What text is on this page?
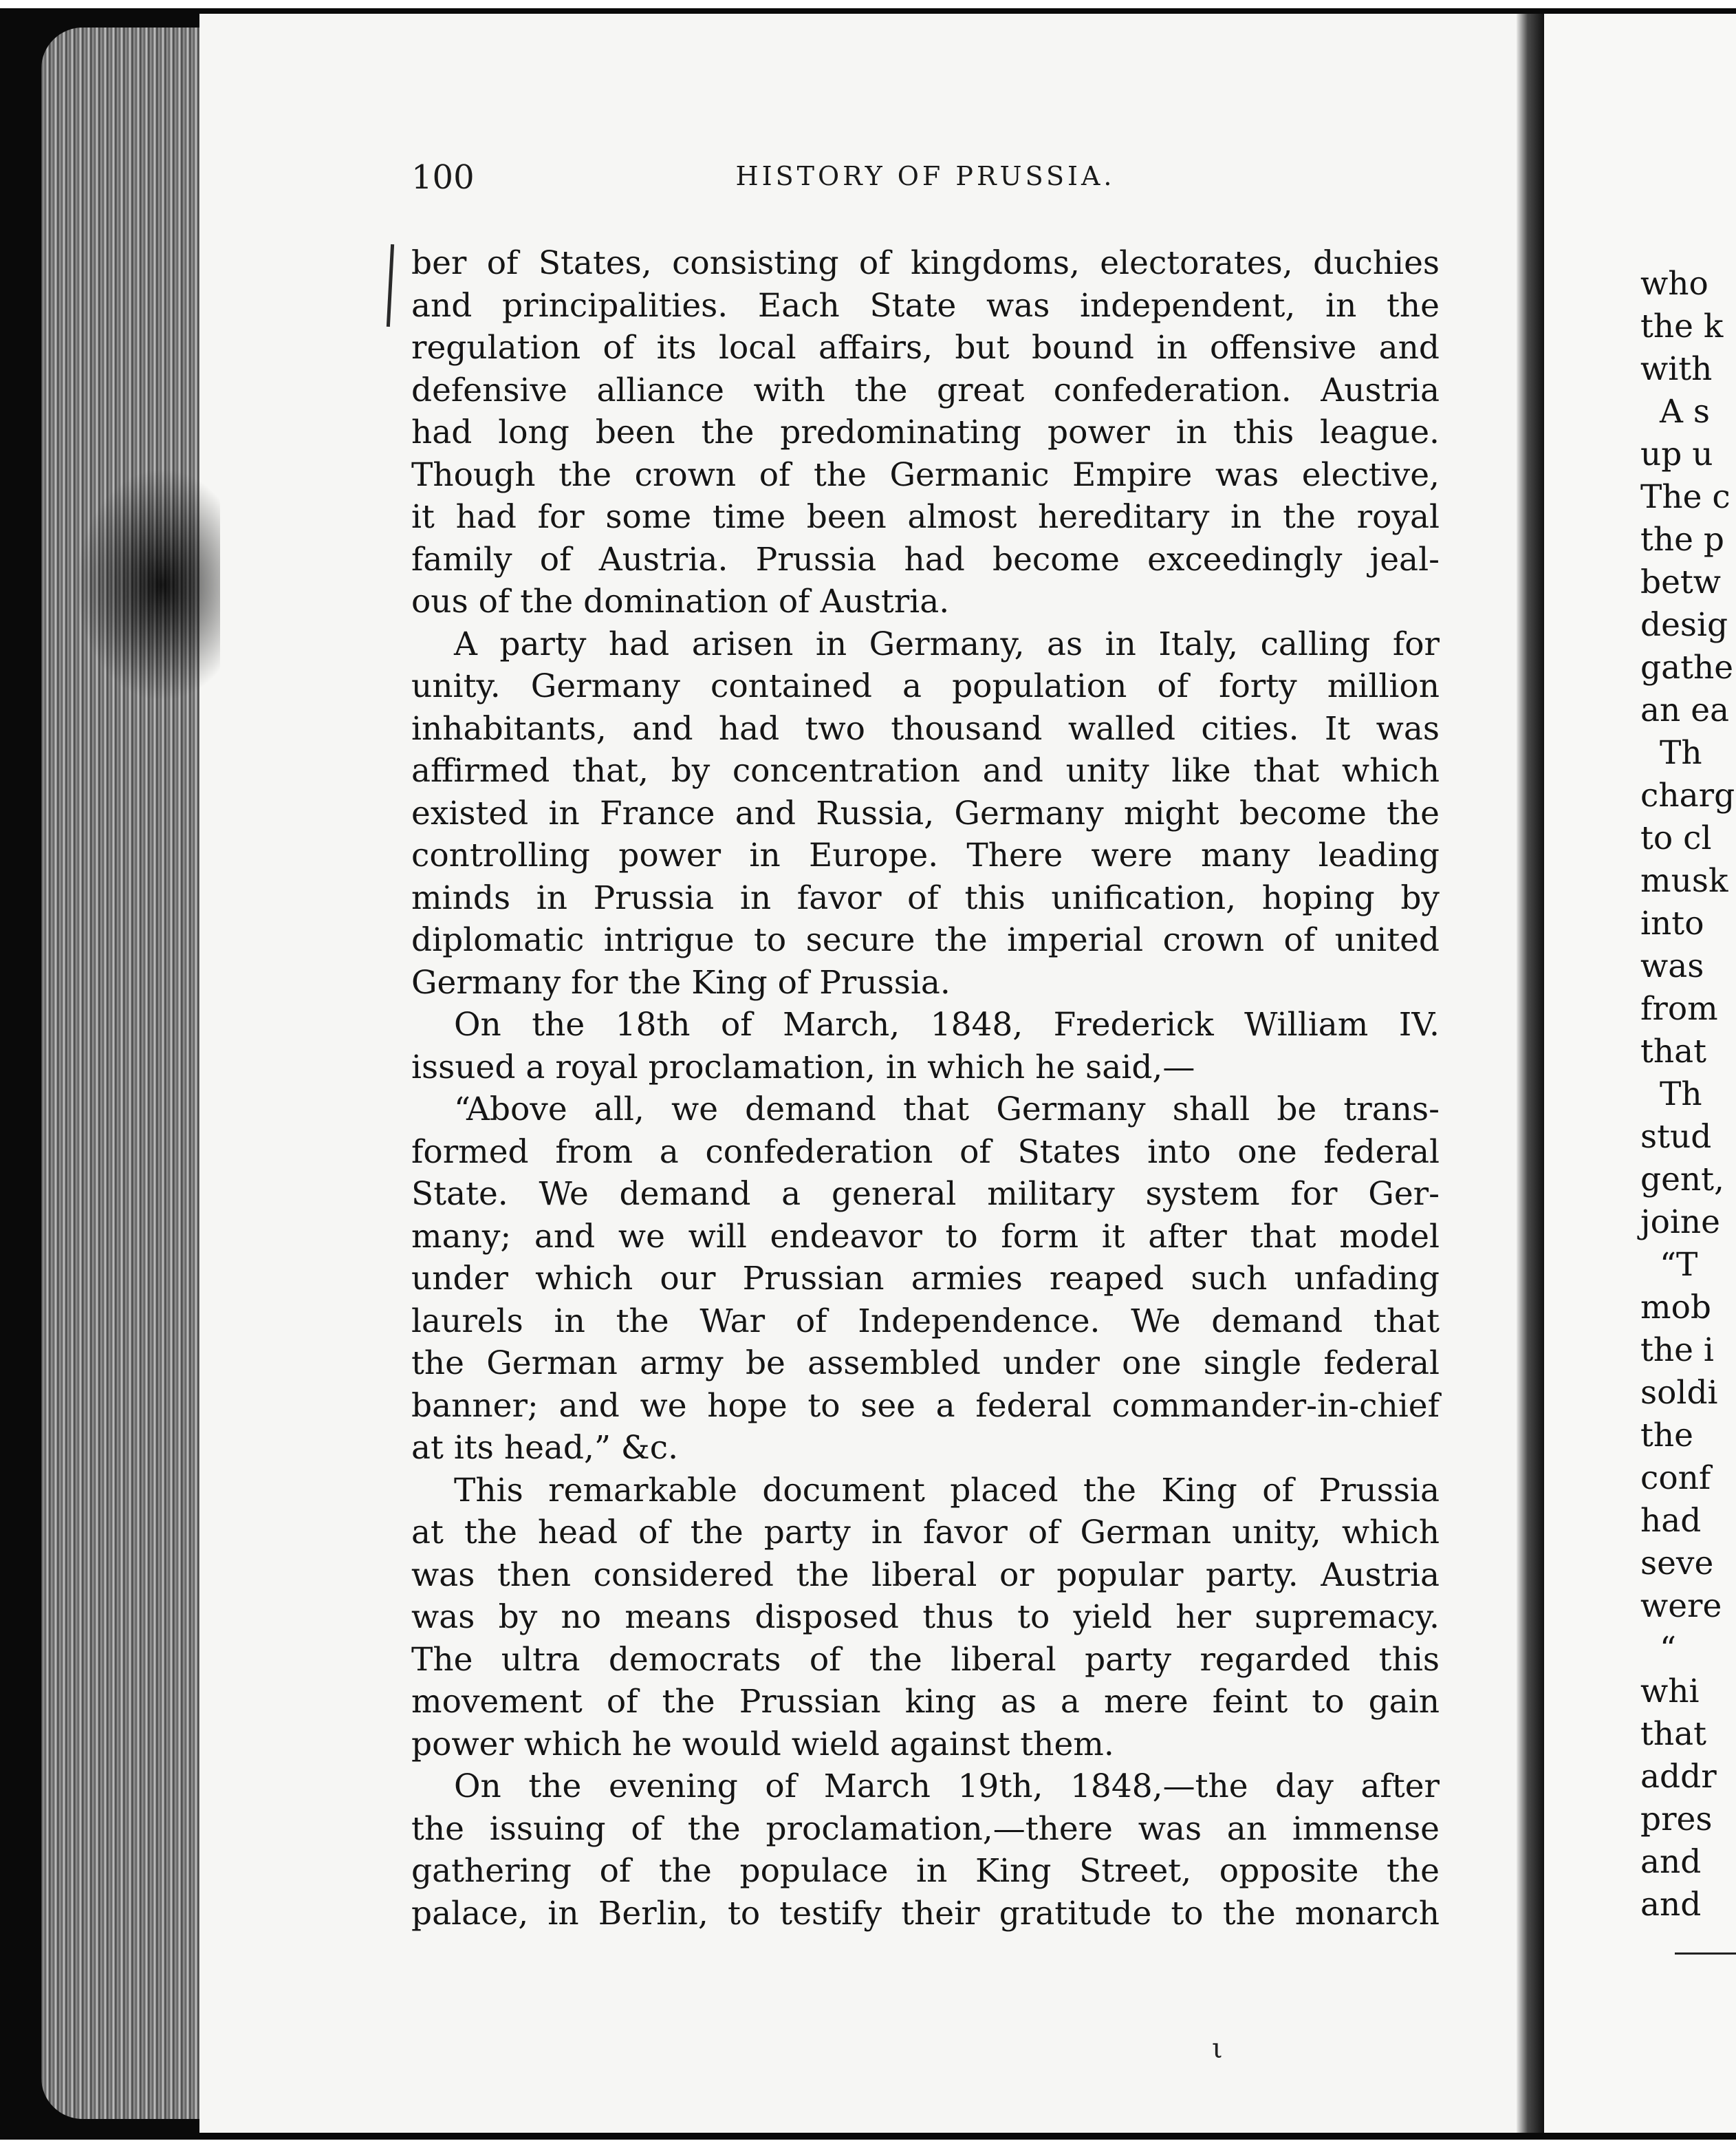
who
the k
with
A s
up u
The c
the p
betw
desig
gathe
an ea
Th
charg
to cl
musk
into
was
from
that
Th
stud
gent,
joine
“T
mob
the i
soldi
the
conf
had
seve
were
“
whi
that
addr
pres
and
and
100	HISTORY OF PRUSSIA.
ber of States, consisting of kingdoms, electorates, duchies
and principalities. Each State was independent, in the
regulation of its local affairs, but bound in offensive and
defensive alliance with the great confederation. Austria
had long been the predominating power in this league.
Though the crown of the Germanic Empire was elective,
it had for some time been almost hereditary in the royal
family of Austria. Prussia had become exceedingly jeal-
ous of the domination of Austria.
A party had arisen in Germany, as in Italy, calling for
unity. Germany contained a population of forty million
inhabitants, and had two thousand walled cities. It was
affirmed that, by concentration and unity like that which
existed in France and Russia, Germany might become the
controlling power in Europe. There were many leading
minds in Prussia in favor of this unification, hoping by
diplomatic intrigue to secure the imperial crown of united
Germany for the King of Prussia.
On the 18th of March, 1848, Frederick William IV.
issued a royal proclamation, in which he said,—
“Above all, we demand that Germany shall be trans-
formed from a confederation of States into one federal
State. We demand a general military system for Ger-
many; and we will endeavor to form it after that model
under which our Prussian armies reaped such unfading
laurels in the War of Independence. We demand that
the German army be assembled under one single federal
banner; and we hope to see a federal commander-in-chief
at its head,” &c.
This remarkable document placed the King of Prussia
at the head of the party in favor of German unity, which
was then considered the liberal or popular party. Austria
was by no means disposed thus to yield her supremacy.
The ultra democrats of the liberal party regarded this
movement of the Prussian king as a mere feint to gain
power which he would wield against them.
On the evening of March 19th, 1848,—the day after
the issuing of the proclamation,—there was an immense
gathering of the populace in King Street, opposite the
palace, in Berlin, to testify their gratitude to the monarch
ι
